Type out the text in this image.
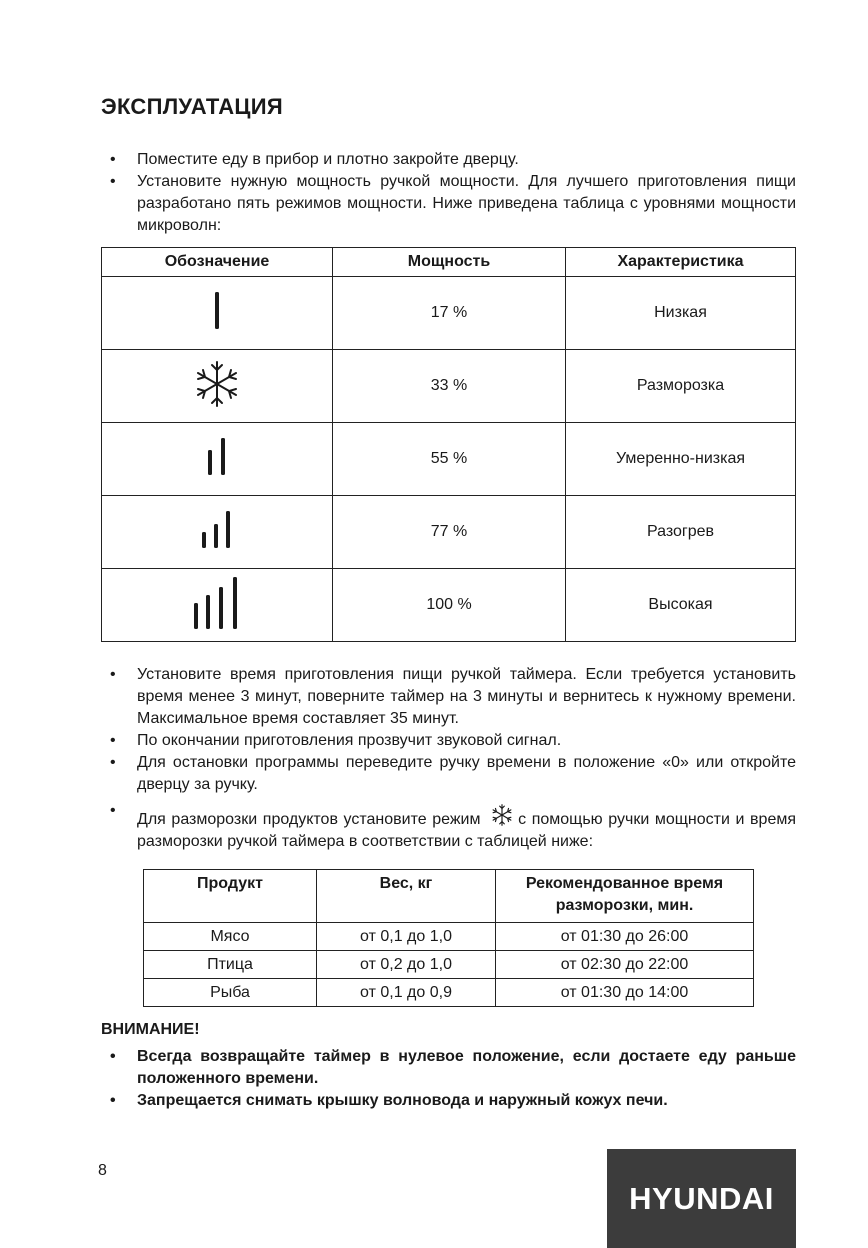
ЭКСПЛУАТАЦИЯ
• Поместите еду в прибор и плотно закройте дверцу.
• Установите нужную мощность ручкой мощности. Для лучшего приготовления пищи разработано пять режимов мощности. Ниже приведена таблица с уровнями мощности микроволн:
Обозначение	Мощность	Характеристика
	17 %	Низкая
	33 %	Разморозка
	55 %	Умеренно-низкая
	77 %	Разогрев
	100 %	Высокая
• Установите время приготовления пищи ручкой таймера. Если требуется установить время менее 3 минут, поверните таймер на 3 минуты и вернитесь к нужному времени. Максимальное время составляет 35 минут.
• По окончании приготовления прозвучит звуковой сигнал.
• Для остановки программы переведите ручку времени в положение «0» или откройте дверцу за ручку.
•
Для разморозки продуктов установите режим с помощью ручки мощности и время разморозки ручкой таймера в соответствии с таблицей ниже:
Продукт	Вес, кг	Рекомендованное время разморозки, мин.
Мясо	от 0,1 до 1,0	от 01:30 до 26:00
Птица	от 0,2 до 1,0	от 02:30 до 22:00
Рыба	от 0,1 до 0,9	от 01:30 до 14:00

ВНИМАНИЕ!

• Всегда возвращайте таймер в нулевое положение, если достаете еду раньше положенного времени.
• Запрещается снимать крышку волновода и наружный кожух печи.
8
HYUNDAI
